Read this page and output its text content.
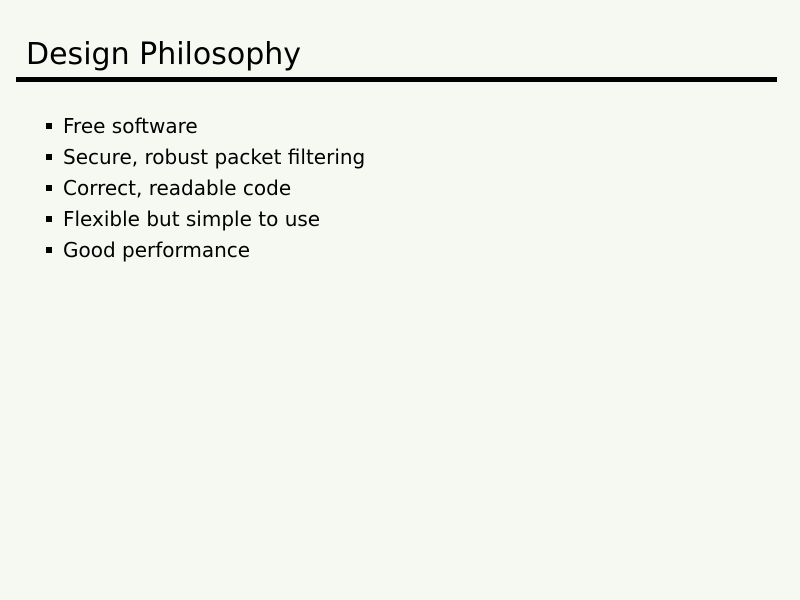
Design Philosophy
Free software
Secure, robust packet filtering
Correct, readable code
Flexible but simple to use
Good performance
